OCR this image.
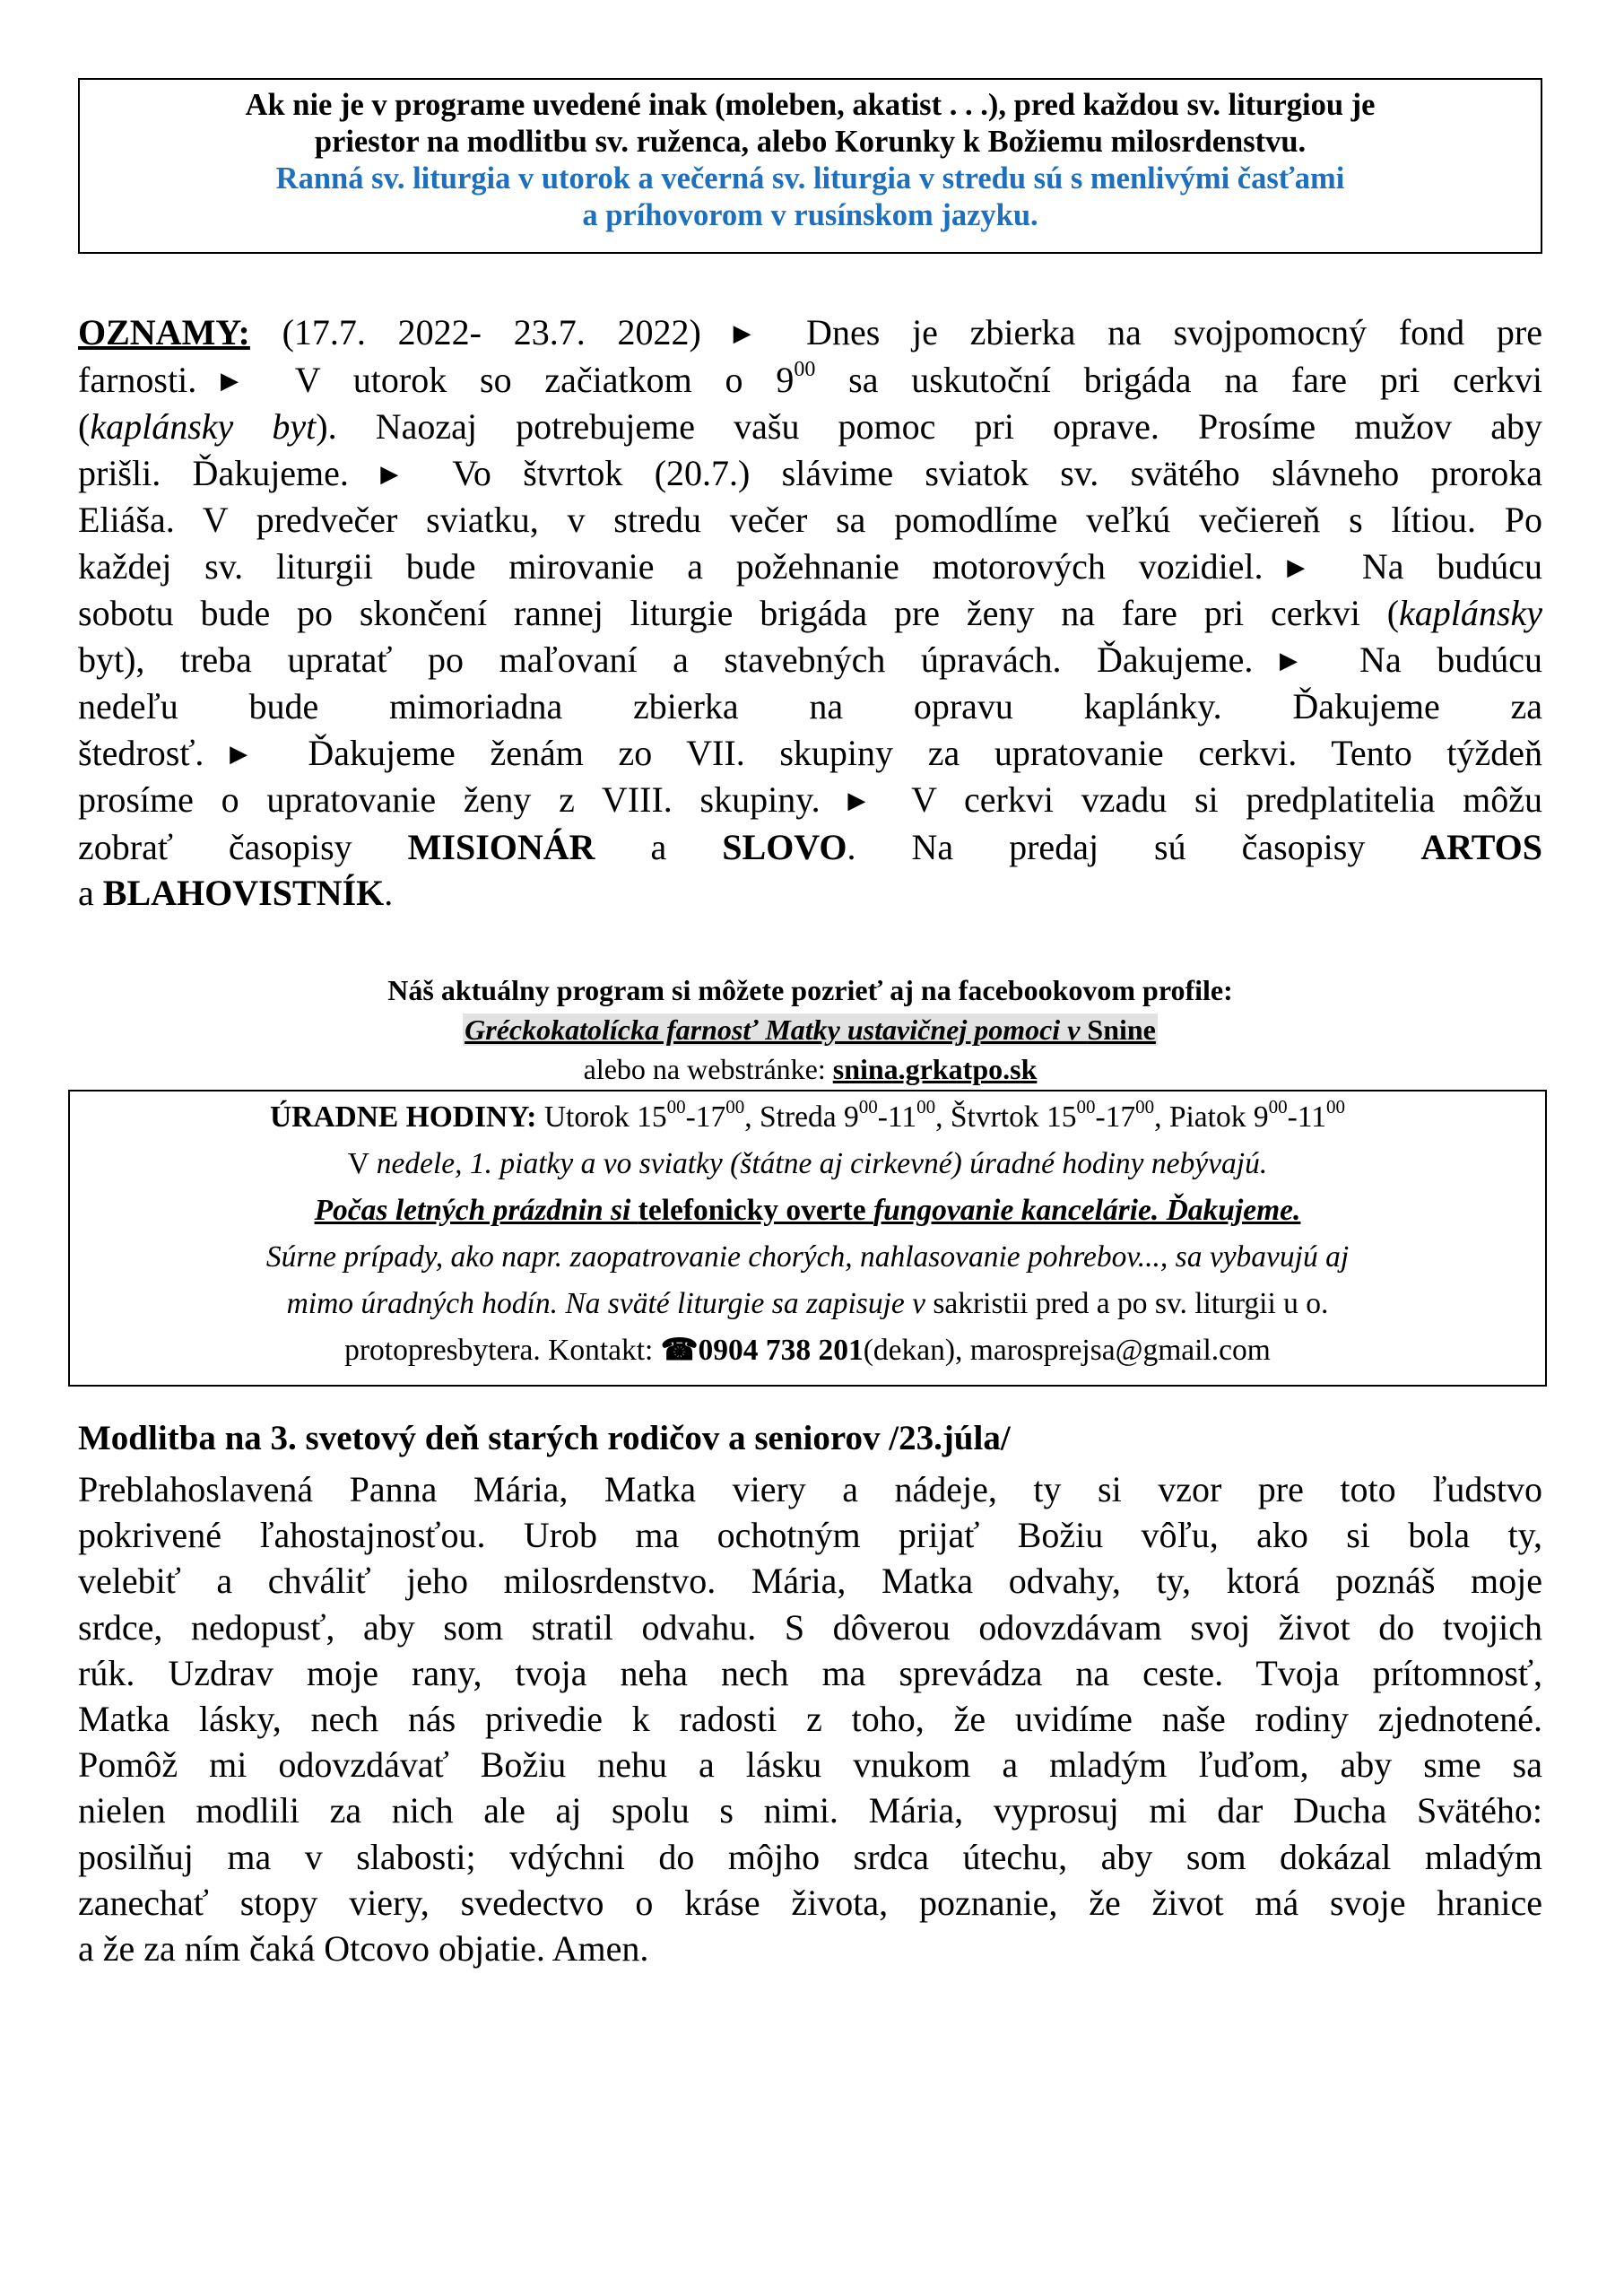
Ak nie je v programe uvedené inak (moleben, akatist . . .), pred každou sv. liturgiou je
priestor na modlitbu sv. ruženca, alebo Korunky k Božiemu milosrdenstvu.
Ranná sv. liturgia v utorok a večerná sv. liturgia v stredu sú s menlivými časťami
a príhovorom v rusínskom jazyku.
OZNAMY: (17.7. 2022- 23.7. 2022) ▶ Dnes je zbierka na svojpomocný fond pre
farnosti.▶ V utorok so začiatkom o $9^{00}$ sa uskutoční brigáda na fare pri cerkvi
(kaplánsky byt). Naozaj potrebujeme vašu pomoc pri oprave. Prosíme mužov aby
prišli. Ďakujeme. ▶ Vo štvrtok (20.7.) slávime sviatok sv. svätého slávneho proroka
Eliáša. V predvečer sviatku, v stredu večer sa pomodlíme veľkú večiereň s lítiou. Po
každej sv. liturgii bude mirovanie a požehnanie motorových vozidiel.▶ Na budúcu
sobotu bude po skončení rannej liturgie brigáda pre ženy na fare pri cerkvi (kaplánsky
byt), treba upratať po maľovaní a stavebných úpravách. Ďakujeme.▶ Na budúcu
nedeľu bude mimoriadna zbierka na opravu kaplánky. Ďakujeme za
štedrosť.▶ Ďakujeme ženám zo VII. skupiny za upratovanie cerkvi. Tento týždeň
prosíme o upratovanie ženy z VIII. skupiny. ▶ V cerkvi vzadu si predplatitelia môžu
zobrať časopisy MISIONÁR a SLOVO. Na predaj sú časopisy ARTOS
a BLAHOVISTNÍK.
Náš aktuálny program si môžete pozrieť aj na facebookovom profile:
Gréckokatolícka farnosť Matky ustavičnej pomoci v Snine
alebo na webstránke: snina.grkatpo.sk
ÚRADNE HODINY: Utorok $15^{00}-17^{00}$, Streda $9^{00}-11^{00}$, Štvrtok $15^{00}-17^{00}$, Piatok $9^{00}-11^{00}$
V nedele, 1. piatky a vo sviatky (štátne aj cirkevné) úradné hodiny nebývajú.
Počas letných prázdnin si telefonicky overte fungovanie kancelárie. Ďakujeme.
Súrne prípady, ako napr. zaopatrovanie chorých, nahlasovanie pohrebov..., sa vybavujú aj
mimo úradných hodín. Na sväté liturgie sa zapisuje v sakristii pred a po sv. liturgii u o.
protopresbytera. Kontakt: ☎0904 738 201(dekan), marosprejsa@gmail.com
Modlitba na 3. svetový deň starých rodičov a seniorov /23.júla/
Preblahoslavená Panna Mária, Matka viery a nádeje, ty si vzor pre toto ľudstvo
pokrivené ľahostajnosťou. Urob ma ochotným prijať Božiu vôľu, ako si bola ty,
velebiť a chváliť jeho milosrdenstvo. Mária, Matka odvahy, ty, ktorá poznáš moje
srdce, nedopusť, aby som stratil odvahu. S dôverou odovzdávam svoj život do tvojich
rúk. Uzdrav moje rany, tvoja neha nech ma sprevádza na ceste. Tvoja prítomnosť,
Matka lásky, nech nás privedie k radosti z toho, že uvidíme naše rodiny zjednotené.
Pomôž mi odovzdávať Božiu nehu a lásku vnukom a mladým ľuďom, aby sme sa
nielen modlili za nich ale aj spolu s nimi. Mária, vyprosuj mi dar Ducha Svätého:
posilňuj ma v slabosti; vdýchni do môjho srdca útechu, aby som dokázal mladým
zanechať stopy viery, svedectvo o kráse života, poznanie, že život má svoje hranice
a že za ním čaká Otcovo objatie. Amen.
